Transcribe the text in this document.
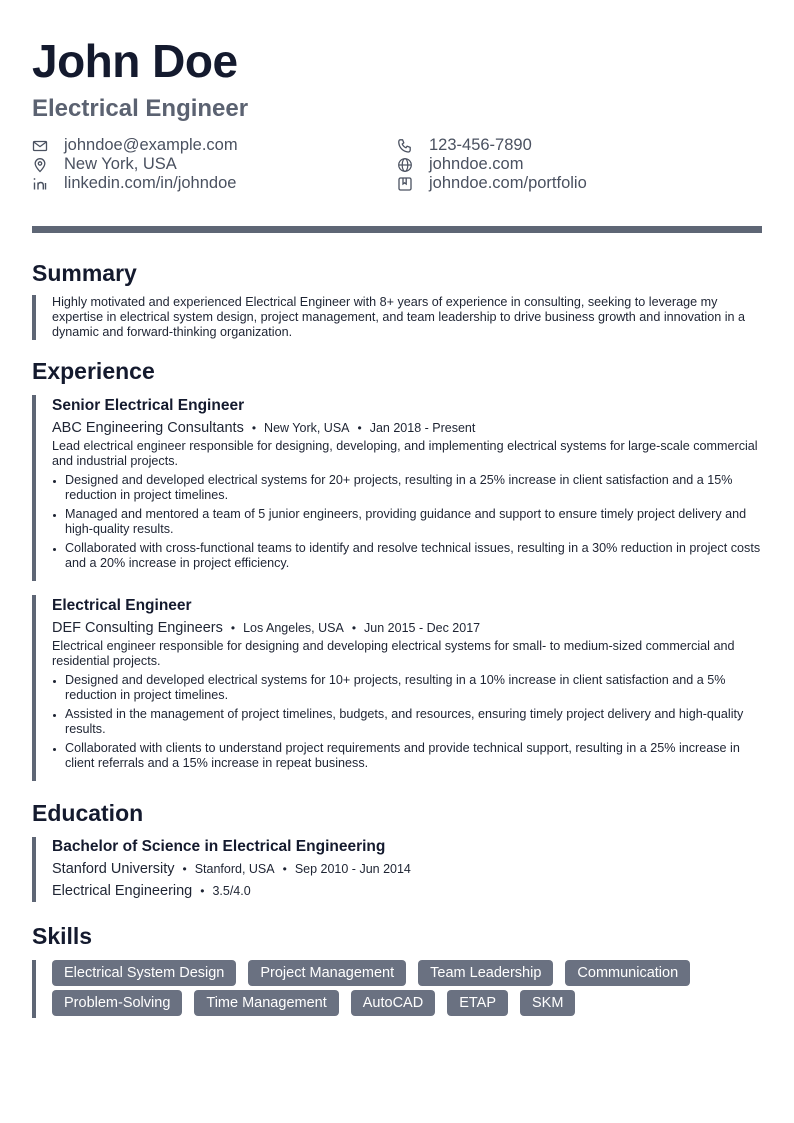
John Doe
Electrical Engineer
johndoe@example.com	123-456-7890
New York, USA	johndoe.com
linkedin.com/in/johndoe	johndoe.com/portfolio
Summary
Highly motivated and experienced Electrical Engineer with 8+ years of experience in consulting, seeking to leverage my expertise in electrical system design, project management, and team leadership to drive business growth and innovation in a dynamic and forward-thinking organization.
Experience
Senior Electrical Engineer
ABC Engineering Consultants • New York, USA • Jan 2018 - Present
Lead electrical engineer responsible for designing, developing, and implementing electrical systems for large-scale commercial and industrial projects.
Designed and developed electrical systems for 20+ projects, resulting in a 25% increase in client satisfaction and a 15% reduction in project timelines.
Managed and mentored a team of 5 junior engineers, providing guidance and support to ensure timely project delivery and high-quality results.
Collaborated with cross-functional teams to identify and resolve technical issues, resulting in a 30% reduction in project costs and a 20% increase in project efficiency.
Electrical Engineer
DEF Consulting Engineers • Los Angeles, USA • Jun 2015 - Dec 2017
Electrical engineer responsible for designing and developing electrical systems for small- to medium-sized commercial and residential projects.
Designed and developed electrical systems for 10+ projects, resulting in a 10% increase in client satisfaction and a 5% reduction in project timelines.
Assisted in the management of project timelines, budgets, and resources, ensuring timely project delivery and high-quality results.
Collaborated with clients to understand project requirements and provide technical support, resulting in a 25% increase in client referrals and a 15% increase in repeat business.
Education
Bachelor of Science in Electrical Engineering
Stanford University • Stanford, USA • Sep 2010 - Jun 2014
Electrical Engineering • 3.5/4.0
Skills
Electrical System Design	Project Management	Team Leadership	Communication
Problem-Solving	Time Management	AutoCAD	ETAP	SKM
